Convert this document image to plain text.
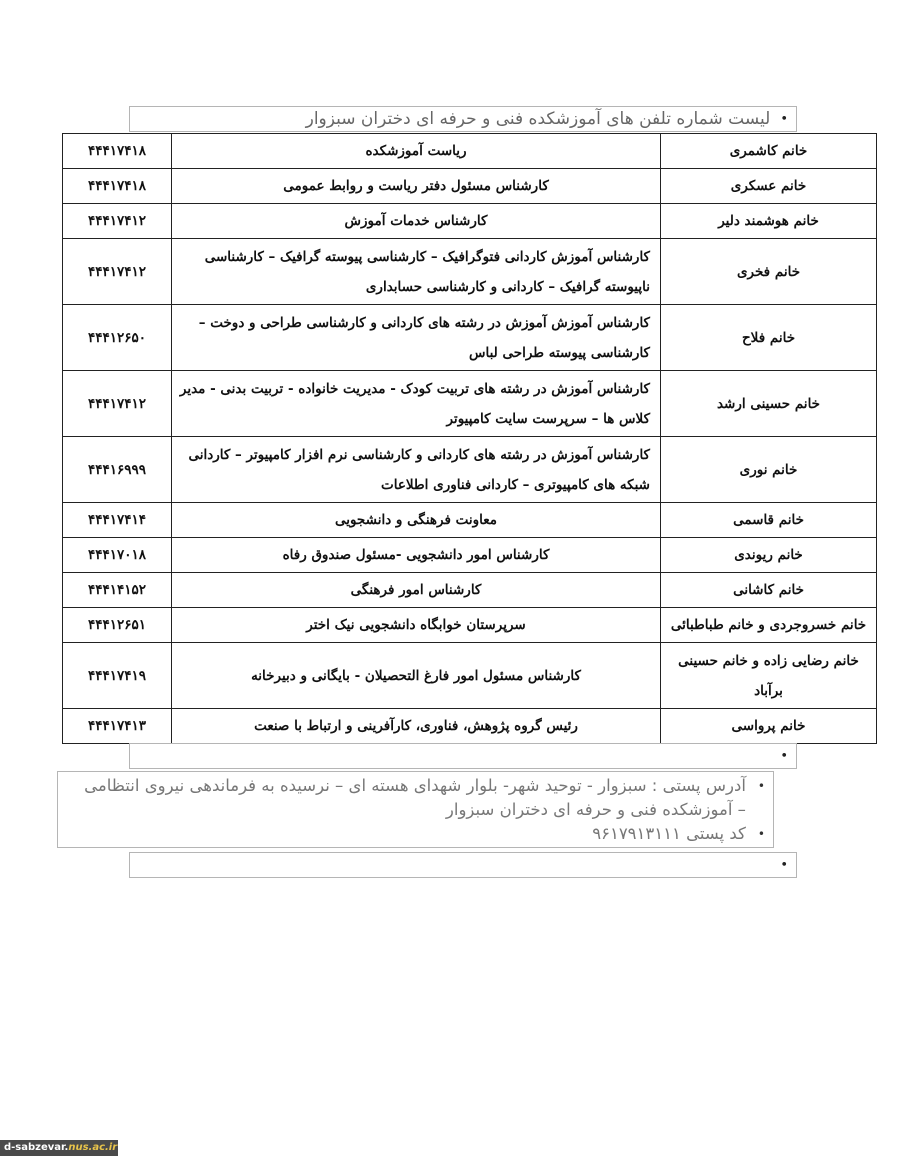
•
لیست شماره تلفن های آموزشکده فنی و حرفه ای دختران سبزوار
خانم کاشمری	ریاست آموزشکده	۴۴۴۱۷۴۱۸
خانم عسکری	کارشناس مسئول دفتر ریاست و روابط عمومی	۴۴۴۱۷۴۱۸
خانم هوشمند دلیر	کارشناس خدمات آموزش	۴۴۴۱۷۴۱۲
خانم فخری	کارشناس آموزش کاردانی فتوگرافیک – کارشناسی پیوسته گرافیک – کارشناسی ناپیوسته گرافیک – کاردانی و کارشناسی حسابداری	۴۴۴۱۷۴۱۲
خانم فلاح	کارشناس آموزش آموزش در رشته های کاردانی و کارشناسی طراحی و دوخت – کارشناسی پیوسته طراحی لباس	۴۴۴۱۲۶۵۰
خانم حسینی ارشد	کارشناس آموزش در رشته های تربیت کودک - مدیریت خانواده - تربیت بدنی - مدیر کلاس ها – سرپرست سایت کامپیوتر	۴۴۴۱۷۴۱۲
خانم نوری	کارشناس آموزش در رشته های کاردانی و کارشناسی نرم افزار کامپیوتر – کاردانی شبکه های کامپیوتری – کاردانی فناوری اطلاعات	۴۴۴۱۶۹۹۹
خانم قاسمی	معاونت فرهنگی و دانشجویی	۴۴۴۱۷۴۱۴
خانم ریوندی	کارشناس امور دانشجویی -مسئول صندوق رفاه	۴۴۴۱۷۰۱۸
خانم کاشانی	کارشناس امور فرهنگی	۴۴۴۱۴۱۵۲
خانم خسروجردی و خانم طباطبائی	سرپرستان خوابگاه دانشجویی نیک اختر	۴۴۴۱۲۶۵۱
خانم رضایی زاده و خانم حسینی برآباد	کارشناس مسئول امور فارغ التحصیلان - بایگانی و دبیرخانه	۴۴۴۱۷۴۱۹
خانم پرواسی	رئیس گروه پژوهش، فناوری، کارآفرینی و ارتباط با صنعت	۴۴۴۱۷۴۱۳
•
•
آدرس پستی : سبزوار - توحید شهر- بلوار شهدای هسته ای – نرسیده به فرماندهی نیروی انتظامی – آموزشکده فنی و حرفه ای دختران سبزوار
•
کد پستی ۹۶۱۷۹۱۳۱۱۱
•
d-sabzevar.nus.ac.ir
